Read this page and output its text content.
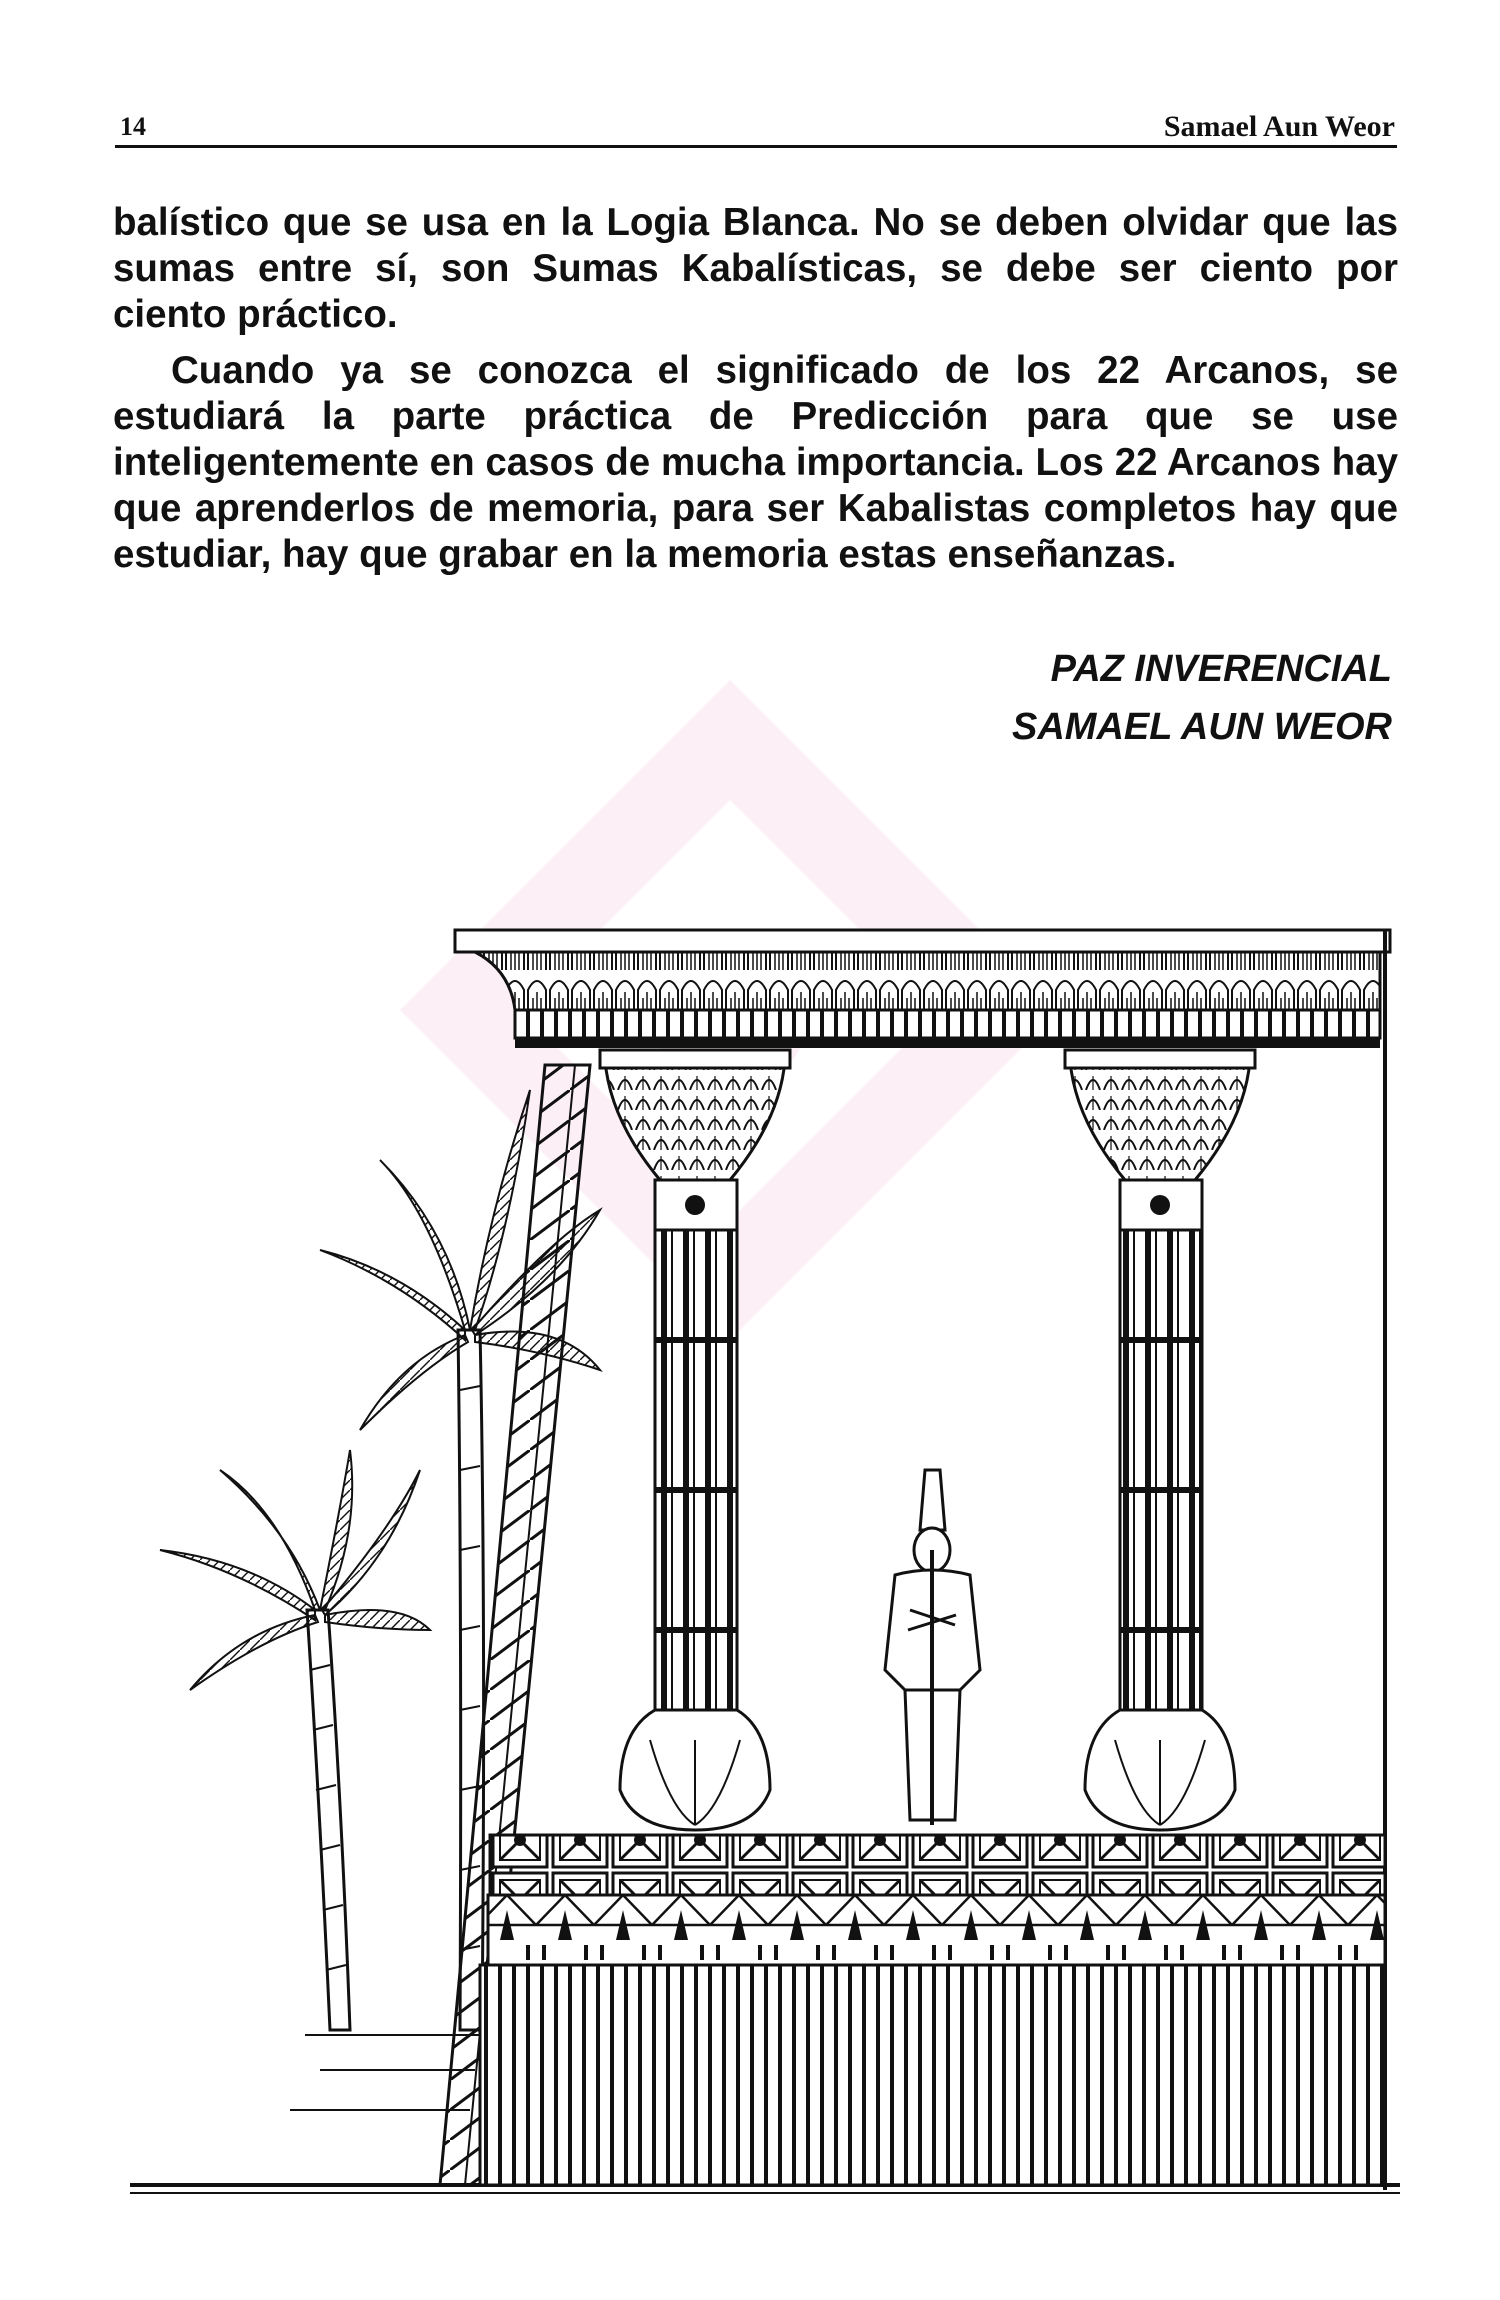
14	Samael Aun Weor

balístico que se usa en la Logia Blanca. No se deben olvidar que las sumas entre sí, son Sumas Kabalísticas, se debe ser ciento por ciento práctico.

Cuando ya se conozca el significado de los 22 Arcanos, se estudiará la parte práctica de Predicción para que se use inteligentemente en casos de mucha importancia. Los 22 Arcanos hay que aprenderlos de memoria, para ser Kabalistas completos hay que estudiar, hay que grabar en la memoria estas enseñanzas.

PAZ INVERENCIAL
SAMAEL AUN WEOR
